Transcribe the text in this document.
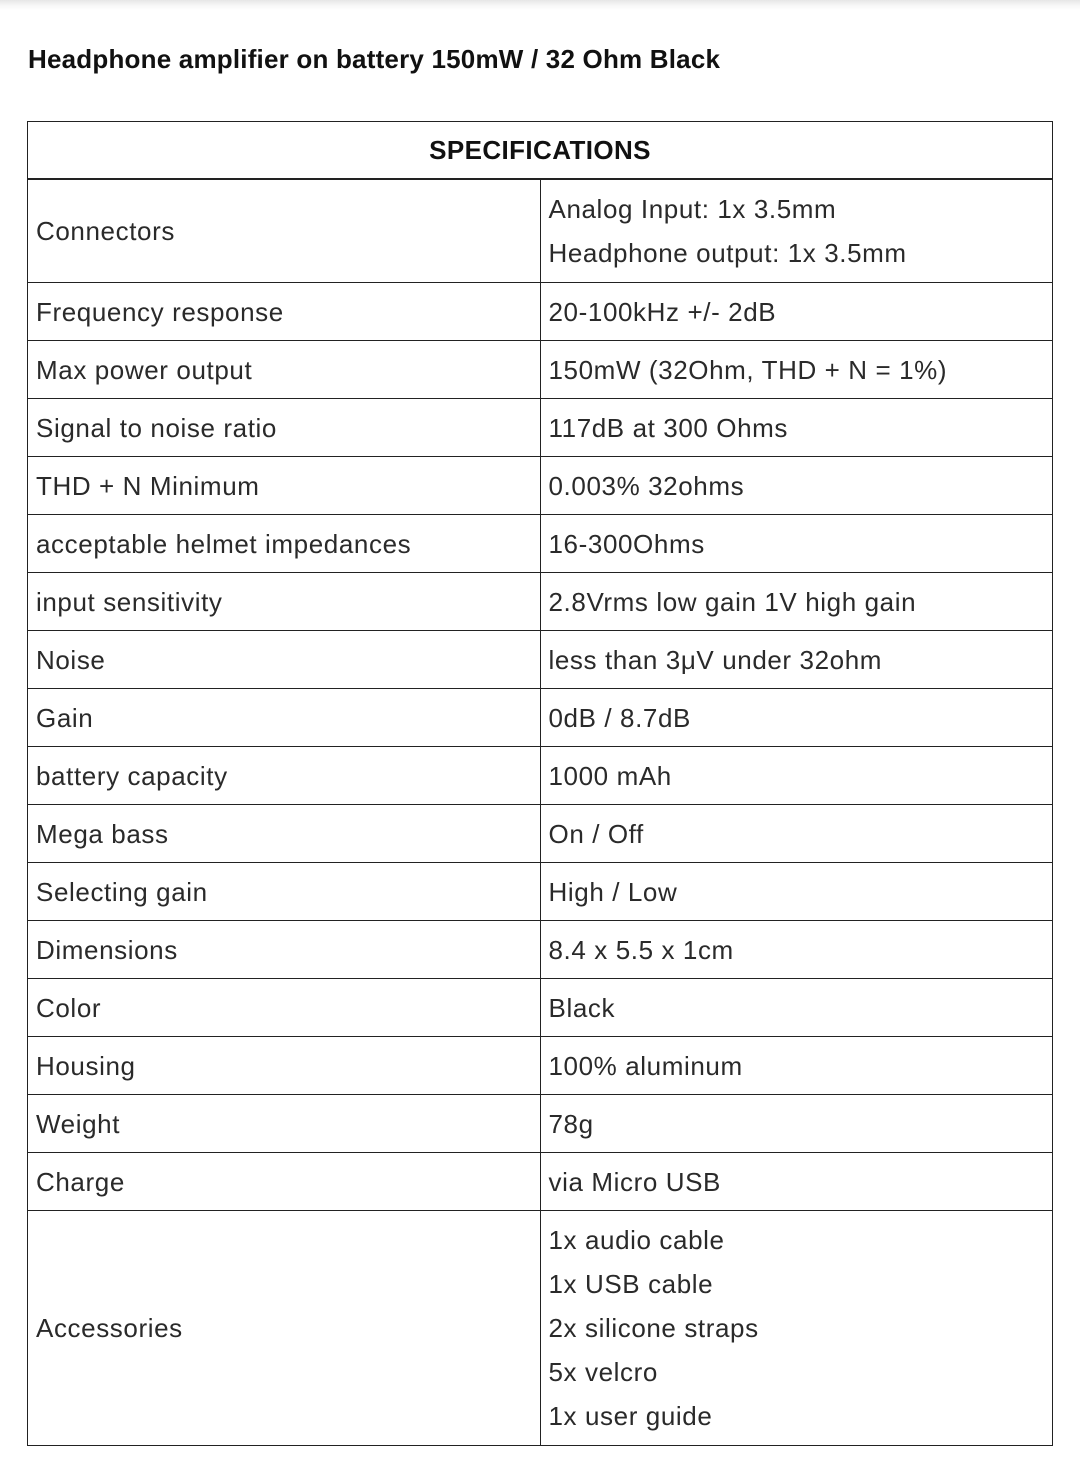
Headphone amplifier on battery 150mW / 32 Ohm Black
SPECIFICATIONS	
Connectors	Analog Input: 1x 3.5mm
Headphone output: 1x 3.5mm

Frequency response	20-100kHz +/- 2dB

Max power output	150mW (32Ohm, THD + N = 1%)

Signal to noise ratio	117dB at 300 Ohms

THD + N Minimum	0.003% 32ohms

acceptable helmet impedances	16-300Ohms

input sensitivity	2.8Vrms low gain 1V high gain

Noise	less than 3μV under 32ohm

Gain	0dB / 8.7dB

battery capacity	1000 mAh

Mega bass	On / Off

Selecting gain	High / Low

Dimensions	8.4 x 5.5 x 1cm

Color	Black

Housing	100% aluminum

Weight	78g

Charge	via Micro USB

Accessories	1x audio cable
1x USB cable
2x silicone straps
5x velcro
1x user guide
